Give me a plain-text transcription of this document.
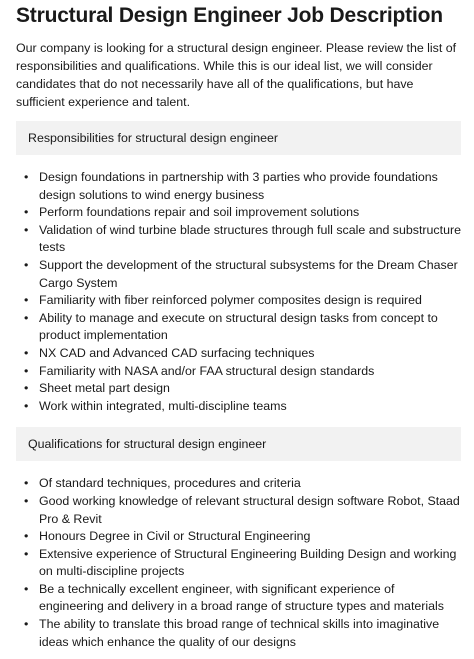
Structural Design Engineer Job Description

Our company is looking for a structural design engineer. Please review the list of responsibilities and qualifications. While this is our ideal list, we will consider candidates that do not necessarily have all of the qualifications, but have sufficient experience and talent.

Responsibilities for structural design engineer
• Design foundations in partnership with 3 parties who provide foundations design solutions to wind energy business
• Perform foundations repair and soil improvement solutions
• Validation of wind turbine blade structures through full scale and substructure tests
• Support the development of the structural subsystems for the Dream Chaser Cargo System
• Familiarity with fiber reinforced polymer composites design is required
• Ability to manage and execute on structural design tasks from concept to product implementation
• NX CAD and Advanced CAD surfacing techniques
• Familiarity with NASA and/or FAA structural design standards
• Sheet metal part design
• Work within integrated, multi-discipline teams
Qualifications for structural design engineer
• Of standard techniques, procedures and criteria
• Good working knowledge of relevant structural design software Robot, Staad Pro & Revit
• Honours Degree in Civil or Structural Engineering
• Extensive experience of Structural Engineering Building Design and working on multi-discipline projects
• Be a technically excellent engineer, with significant experience of engineering and delivery in a broad range of structure types and materials
• The ability to translate this broad range of technical skills into imaginative ideas which enhance the quality of our designs
